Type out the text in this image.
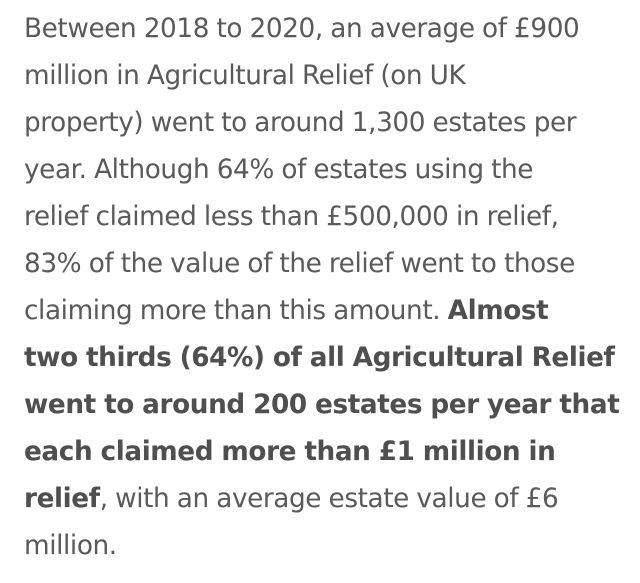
Between 2018 to 2020, an average of £900
million in Agricultural Relief (on UK
property) went to around 1,300 estates per
year. Although 64% of estates using the
relief claimed less than £500,000 in relief,
83% of the value of the relief went to those
claiming more than this amount. Almost
two thirds (64%) of all Agricultural Relief
went to around 200 estates per year that
each claimed more than £1 million in
relief, with an average estate value of £6
million.
